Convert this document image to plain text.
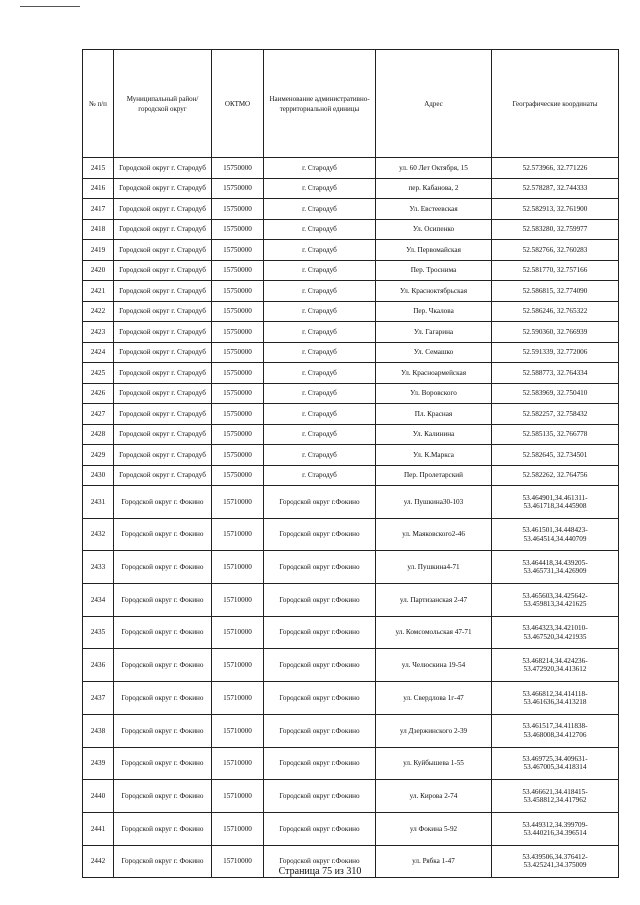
№ п/п	Муниципальный район/городской округ	ОКТМО	Наименование административно-территориальной единицы	Адрес	Географические координаты
2415	Городской округ г. Стародуб	15750000	г. Стародуб	ул. 60 Лет Октября, 15	52.573966, 32.771226
2416	Городской округ г. Стародуб	15750000	г. Стародуб	пер. Кабанова, 2	52.578287, 32.744333
2417	Городской округ г. Стародуб	15750000	г. Стародуб	Ул. Евстеевская	52.582913, 32.761900
2418	Городской округ г. Стародуб	15750000	г. Стародуб	Ул. Осипенко	52.583280, 32.759977
2419	Городской округ г. Стародуб	15750000	г. Стародуб	Ул. Первомайская	52.582766, 32.760283
2420	Городской округ г. Стародуб	15750000	г. Стародуб	Пер. Троснима	52.581770, 32.757166
2421	Городской округ г. Стародуб	15750000	г. Стародуб	Ул. Красноктябрьская	52.586815, 32.774090
2422	Городской округ г. Стародуб	15750000	г. Стародуб	Пер. Чкалова	52.586246, 32.765322
2423	Городской округ г. Стародуб	15750000	г. Стародуб	Ул. Гагарина	52.590360, 32.766939
2424	Городской округ г. Стародуб	15750000	г. Стародуб	Ул. Семашко	52.591339, 32.772006
2425	Городской округ г. Стародуб	15750000	г. Стародуб	Ул. Красноармейская	52.588773, 32.764334
2426	Городской округ г. Стародуб	15750000	г. Стародуб	Ул. Воровского	52.583969, 32.750410
2427	Городской округ г. Стародуб	15750000	г. Стародуб	Пл. Красная	52.582257, 32.758432
2428	Городской округ г. Стародуб	15750000	г. Стародуб	Ул. Калинина	52.585135, 32.766778
2429	Городской округ г. Стародуб	15750000	г. Стародуб	Ул. К.Маркса	52.582645, 32.734501
2430	Городской округ г. Стародуб	15750000	г. Стародуб	Пер. Пролетарский	52.582262, 32.764756
2431	Городской округ г. Фокино	15710000	Городской округ г.Фокино	ул. Пушкина30-103	53.464901,34.461311-53.461718,34.445908
2432	Городской округ г. Фокино	15710000	Городской округ г.Фокино	ул. Маяковского2-46	53.461501,34.448423-53.464514,34.440709
2433	Городской округ г. Фокино	15710000	Городской округ г.Фокино	ул. Пушкина4-71	53.464418,34.439205-53.465731,34.426909
2434	Городской округ г. Фокино	15710000	Городской округ г.Фокино	ул. Партизанская 2-47	53.465603,34.425642-53.459813,34.421625
2435	Городской округ г. Фокино	15710000	Городской округ г.Фокино	ул. Комсомольская 47-71	53.464323,34.421010-53.467520,34.421935
2436	Городской округ г. Фокино	15710000	Городской округ г.Фокино	ул. Челюскина 19-54	53.468214,34.424236-53.472920,34.413612
2437	Городской округ г. Фокино	15710000	Городской округ г.Фокино	ул. Свердлова 1г-47	53.466812,34.414118-53.461636,34.413218
2438	Городской округ г. Фокино	15710000	Городской округ г.Фокино	ул Дзержинского 2-39	53.461517,34.411838-53.468008,34.412706
2439	Городской округ г. Фокино	15710000	Городской округ г.Фокино	ул. Куйбышева 1-55	53.469725,34.409631-53.467005,34.418314
2440	Городской округ г. Фокино	15710000	Городской округ г.Фокино	ул. Кирова 2-74	53.466621,34.418415-53.458812,34.417962
2441	Городской округ г. Фокино	15710000	Городской округ г.Фокино	ул Фокина 5-92	53.449312,34.399709-53.440216,34.396514
2442	Городской округ г. Фокино	15710000	Городской округ г.Фокино	ул. Рябка 1-47	53.439506,34.376412-53.425241,34.375009
Страница 75 из 310
